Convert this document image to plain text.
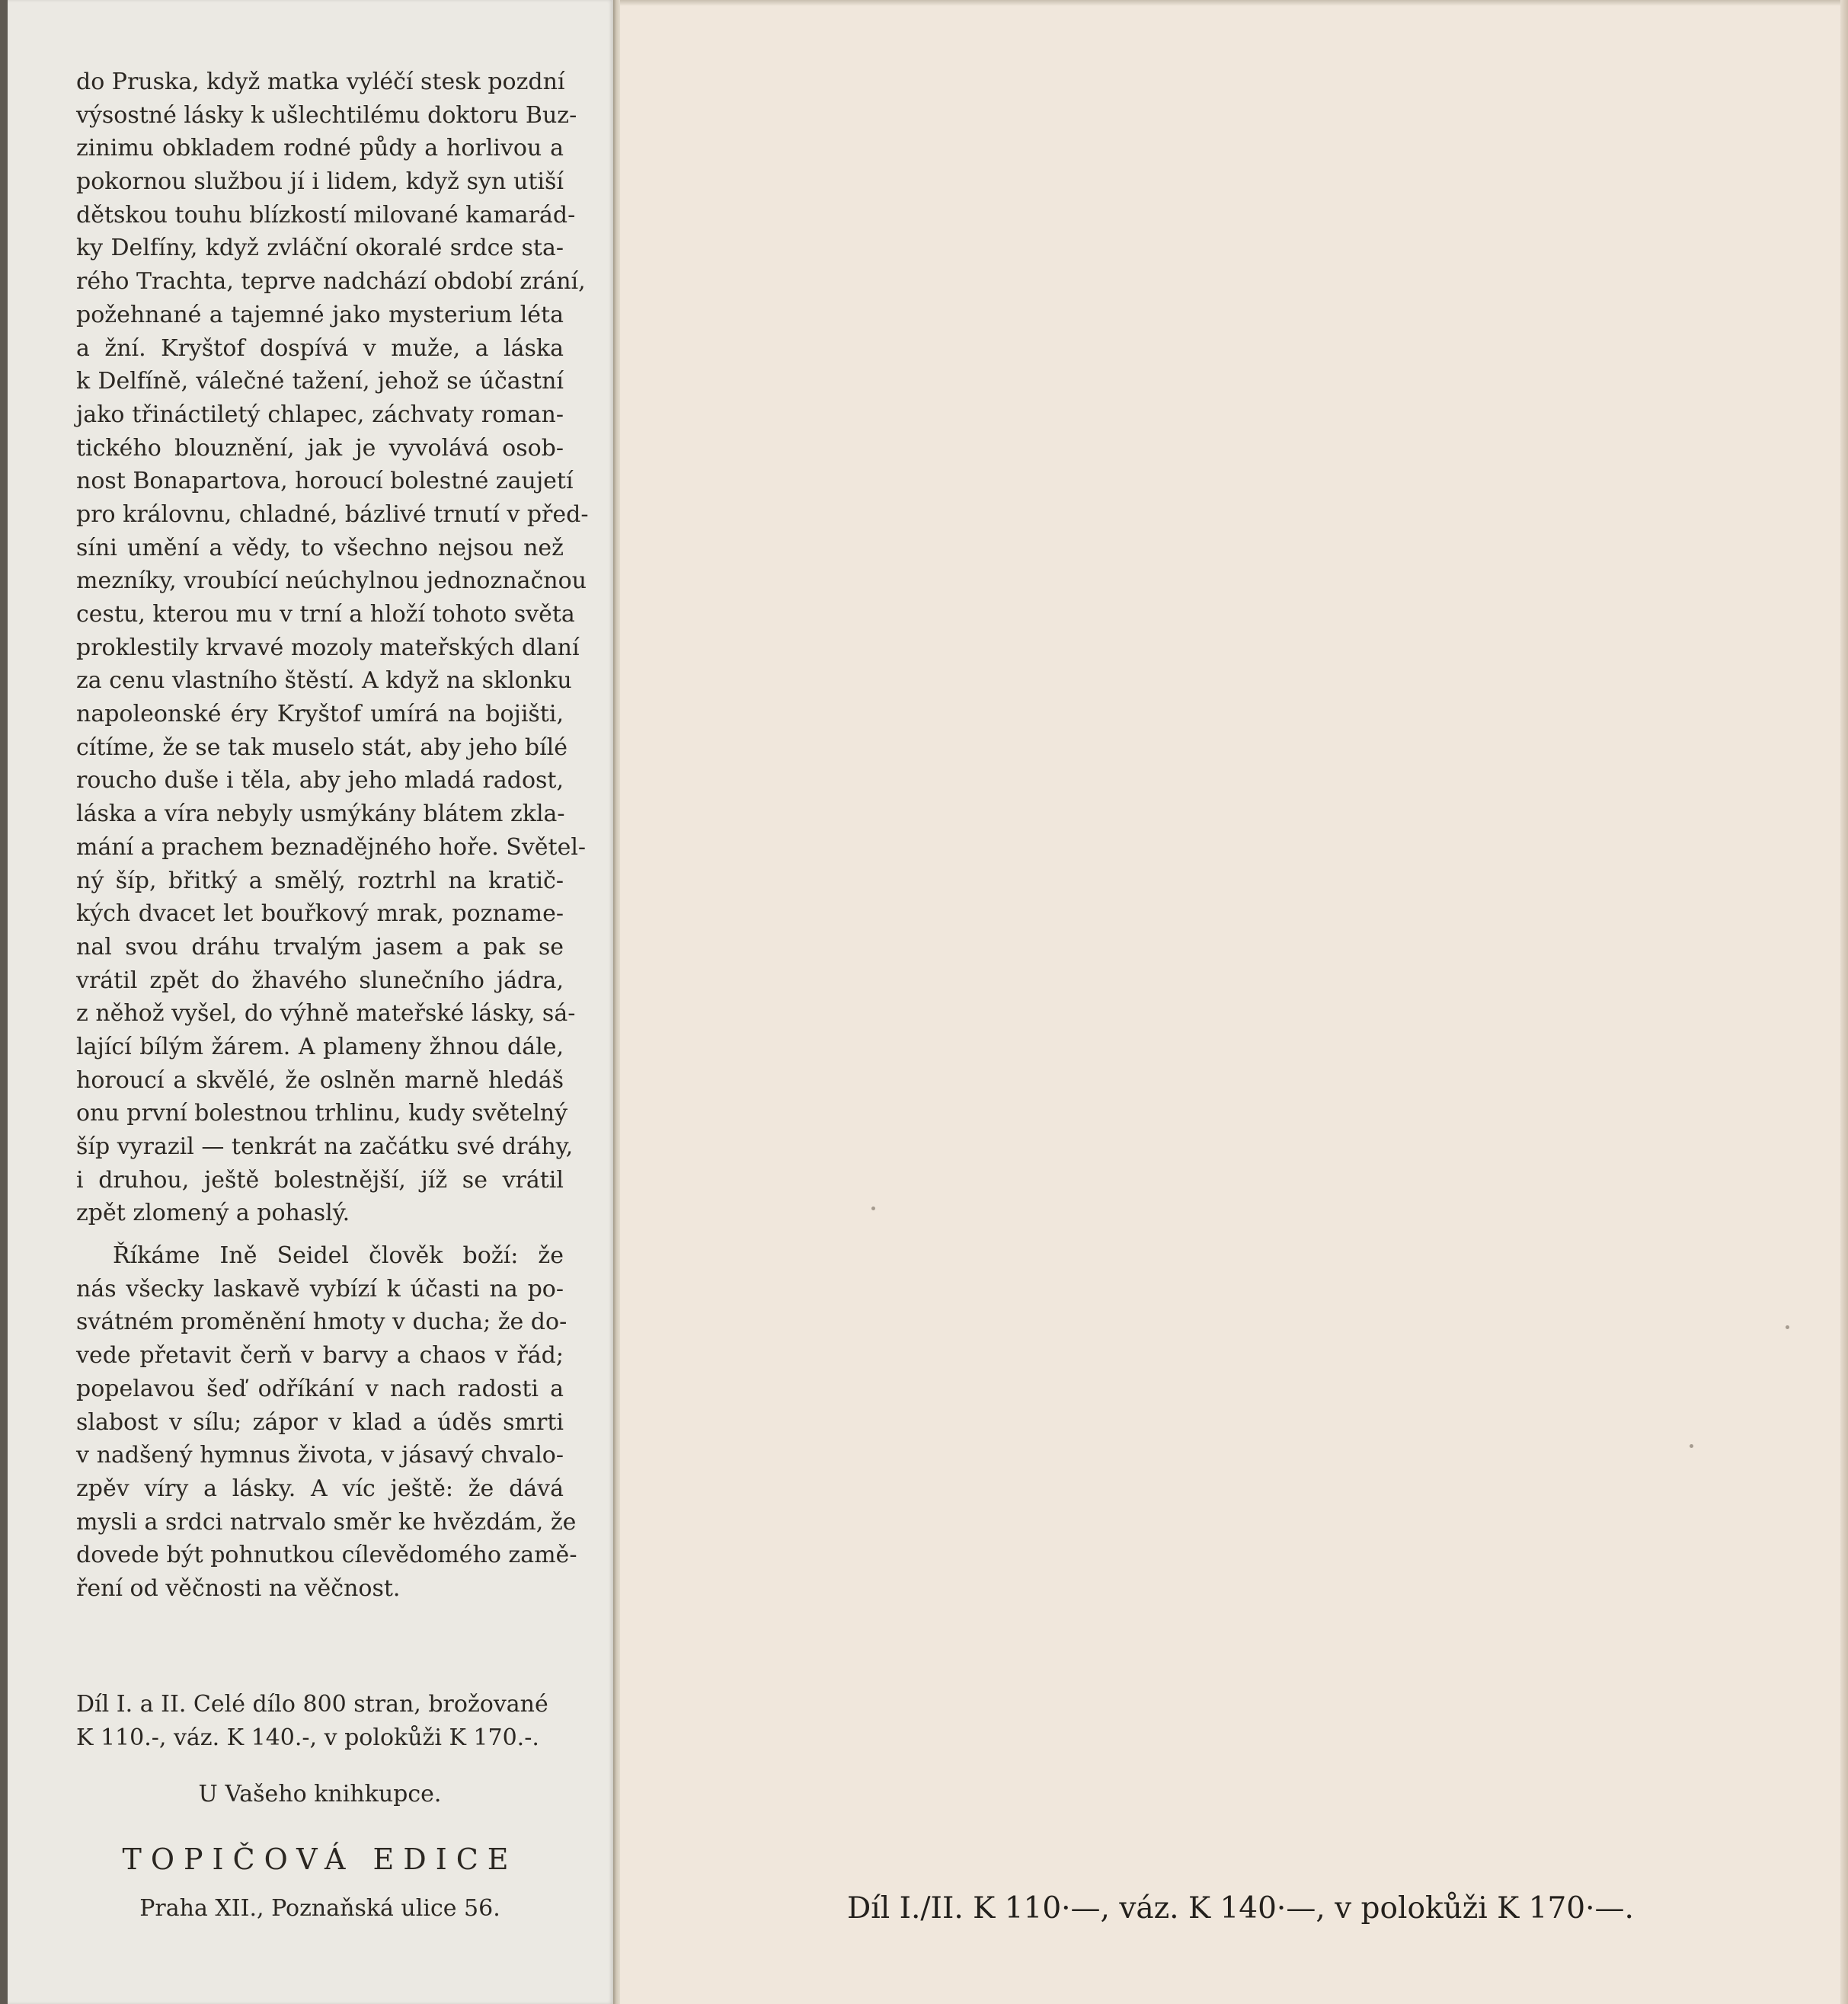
do Pruska, když matka vyléčí stesk pozdní
výsostné lásky k ušlechtilému doktoru Buz-
zinimu obkladem rodné půdy a horlivou a
pokornou službou jí i lidem, když syn utiší
dětskou touhu blízkostí milované kamarád-
ky Delfíny, když zvláční okoralé srdce sta-
rého Trachta, teprve nadchází období zrání,
požehnané a tajemné jako mysterium léta
a žní. Kryštof dospívá v muže, a láska
k Delfíně, válečné tažení, jehož se účastní
jako třináctiletý chlapec, záchvaty roman-
tického blouznění, jak je vyvolává osob-
nost Bonapartova, horoucí bolestné zaujetí
pro královnu, chladné, bázlivé trnutí v před-
síni umění a vědy, to všechno nejsou než
mezníky, vroubící neúchylnou jednoznačnou
cestu, kterou mu v trní a hloží tohoto světa
proklestily krvavé mozoly mateřských dlaní
za cenu vlastního štěstí. A když na sklonku
napoleonské éry Kryštof umírá na bojišti,
cítíme, že se tak muselo stát, aby jeho bílé
roucho duše i těla, aby jeho mladá radost,
láska a víra nebyly usmýkány blátem zkla-
mání a prachem beznadějného hoře. Světel-
ný šíp, břitký a smělý, roztrhl na kratič-
kých dvacet let bouřkový mrak, poznamе-
nal svou dráhu trvalým jasem a pak se
vrátil zpět do žhavého slunečního jádra,
z něhož vyšel, do výhně mateřské lásky, sá-
lající bílým žárem. A plameny žhnou dále,
horoucí a skvělé, že oslněn marně hledáš
onu první bolestnou trhlinu, kudy světelný
šíp vyrazil — tenkrát na začátku své dráhy,
i druhou, ještě bolestnější, jíž se vrátil
zpět zlomený a pohaslý.
Říkáme Ině Seidel člověk boží: že
nás všecky laskavě vybízí k účasti na po-
svátném proměnění hmoty v ducha; že do-
vede přetavit čerň v barvy a chaos v řád;
popelavou šeď odříkání v nach radosti a
slabost v sílu; zápor v klad a úděs smrti
v nadšený hymnus života, v jásavý chvalo-
zpěv víry a lásky. A víc ještě: že dává
mysli a srdci natrvalo směr ke hvězdám, že
dovede být pohnutkou cílevědomého zamě-
ření od věčnosti na věčnost.
Díl I. a II. Celé dílo 800 stran, brožované
K 110.-, váz. K 140.-, v polokůži K 170.-.
U Vašeho knihkupce.
TOPIČOVÁ EDICE
Praha XII., Poznaňská ulice 56.	Díl I./II. K 110·—, váz. K 140·—, v polokůži K 170·—.
